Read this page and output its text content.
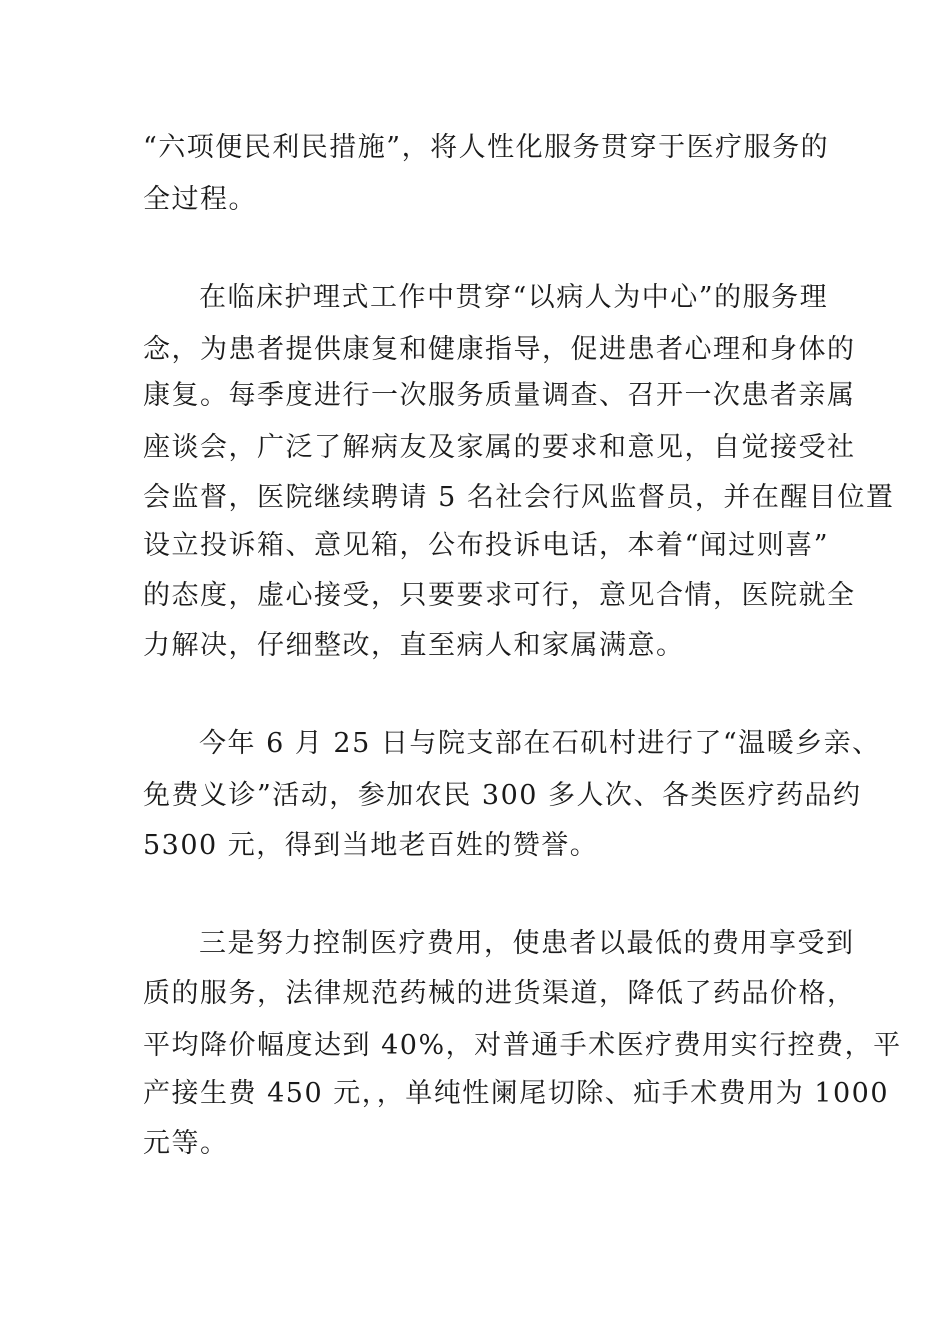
“六项便民利民措施”，将人性化服务贯穿于医疗服务的

全过程。

在临床护理式工作中贯穿“以病人为中心”的服务理

念，为患者提供康复和健康指导，促进患者心理和身体的

康复。每季度进行一次服务质量调查、召开一次患者亲属

座谈会，广泛了解病友及家属的要求和意见，自觉接受社

会监督，医院继续聘请 5 名社会行风监督员，并在醒目位置

设立投诉箱、意见箱，公布投诉电话，本着“闻过则喜”

的态度，虚心接受，只要要求可行，意见合情，医院就全

力解决，仔细整改，直至病人和家属满意。

今年 6 月 25 日与院支部在石矶村进行了“温暖乡亲、

免费义诊”活动，参加农民 300 多人次、各类医疗药品约

5300 元，得到当地老百姓的赞誉。

三是努力控制医疗费用，使患者以最低的费用享受到

质的服务，法律规范药械的进货渠道，降低了药品价格，

平均降价幅度达到 40%，对普通手术医疗费用实行控费，平

产接生费 450 元，，单纯性阑尾切除、疝手术费用为 1000

元等。
